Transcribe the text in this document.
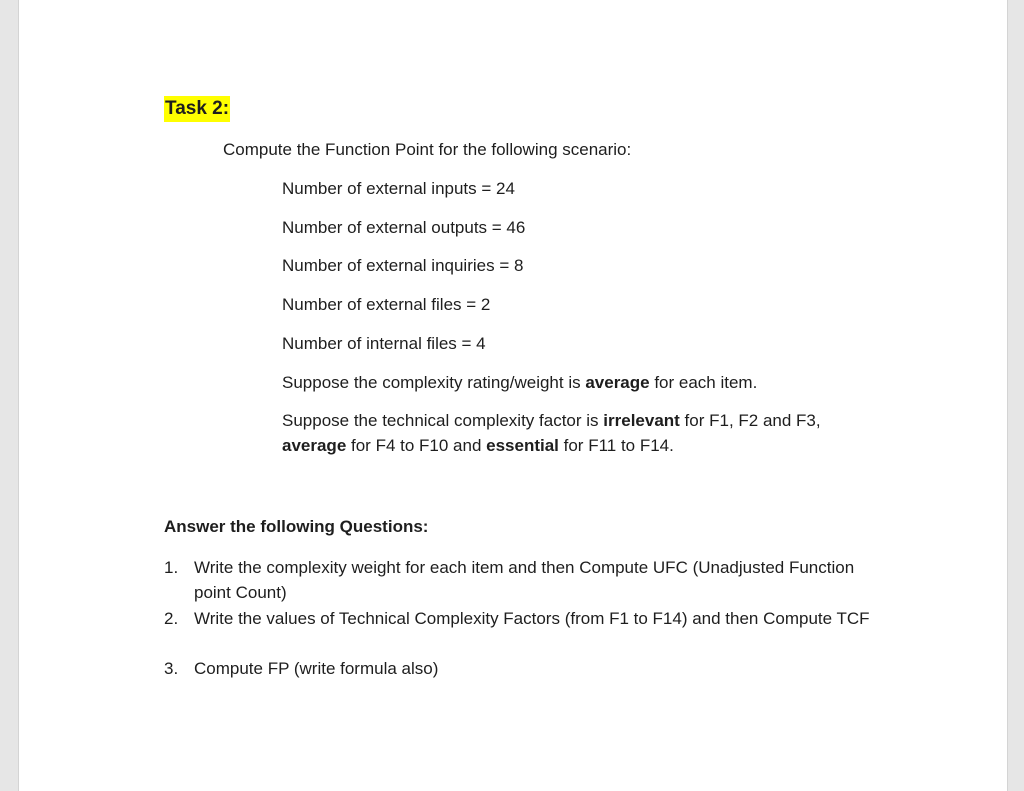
Task 2:
Compute the Function Point for the following scenario:
Number of external inputs = 24
Number of external outputs = 46
Number of external inquiries = 8
Number of external files = 2
Number of internal files = 4
Suppose the complexity rating/weight is average for each item.
Suppose the technical complexity factor is irrelevant for F1, F2 and F3, average for F4 to F10 and essential for F11 to F14.
Answer the following Questions:
1. Write the complexity weight for each item and then Compute UFC (Unadjusted Function point Count)
2. Write the values of Technical Complexity Factors (from F1 to F14) and then Compute TCF
3. Compute FP (write formula also)
